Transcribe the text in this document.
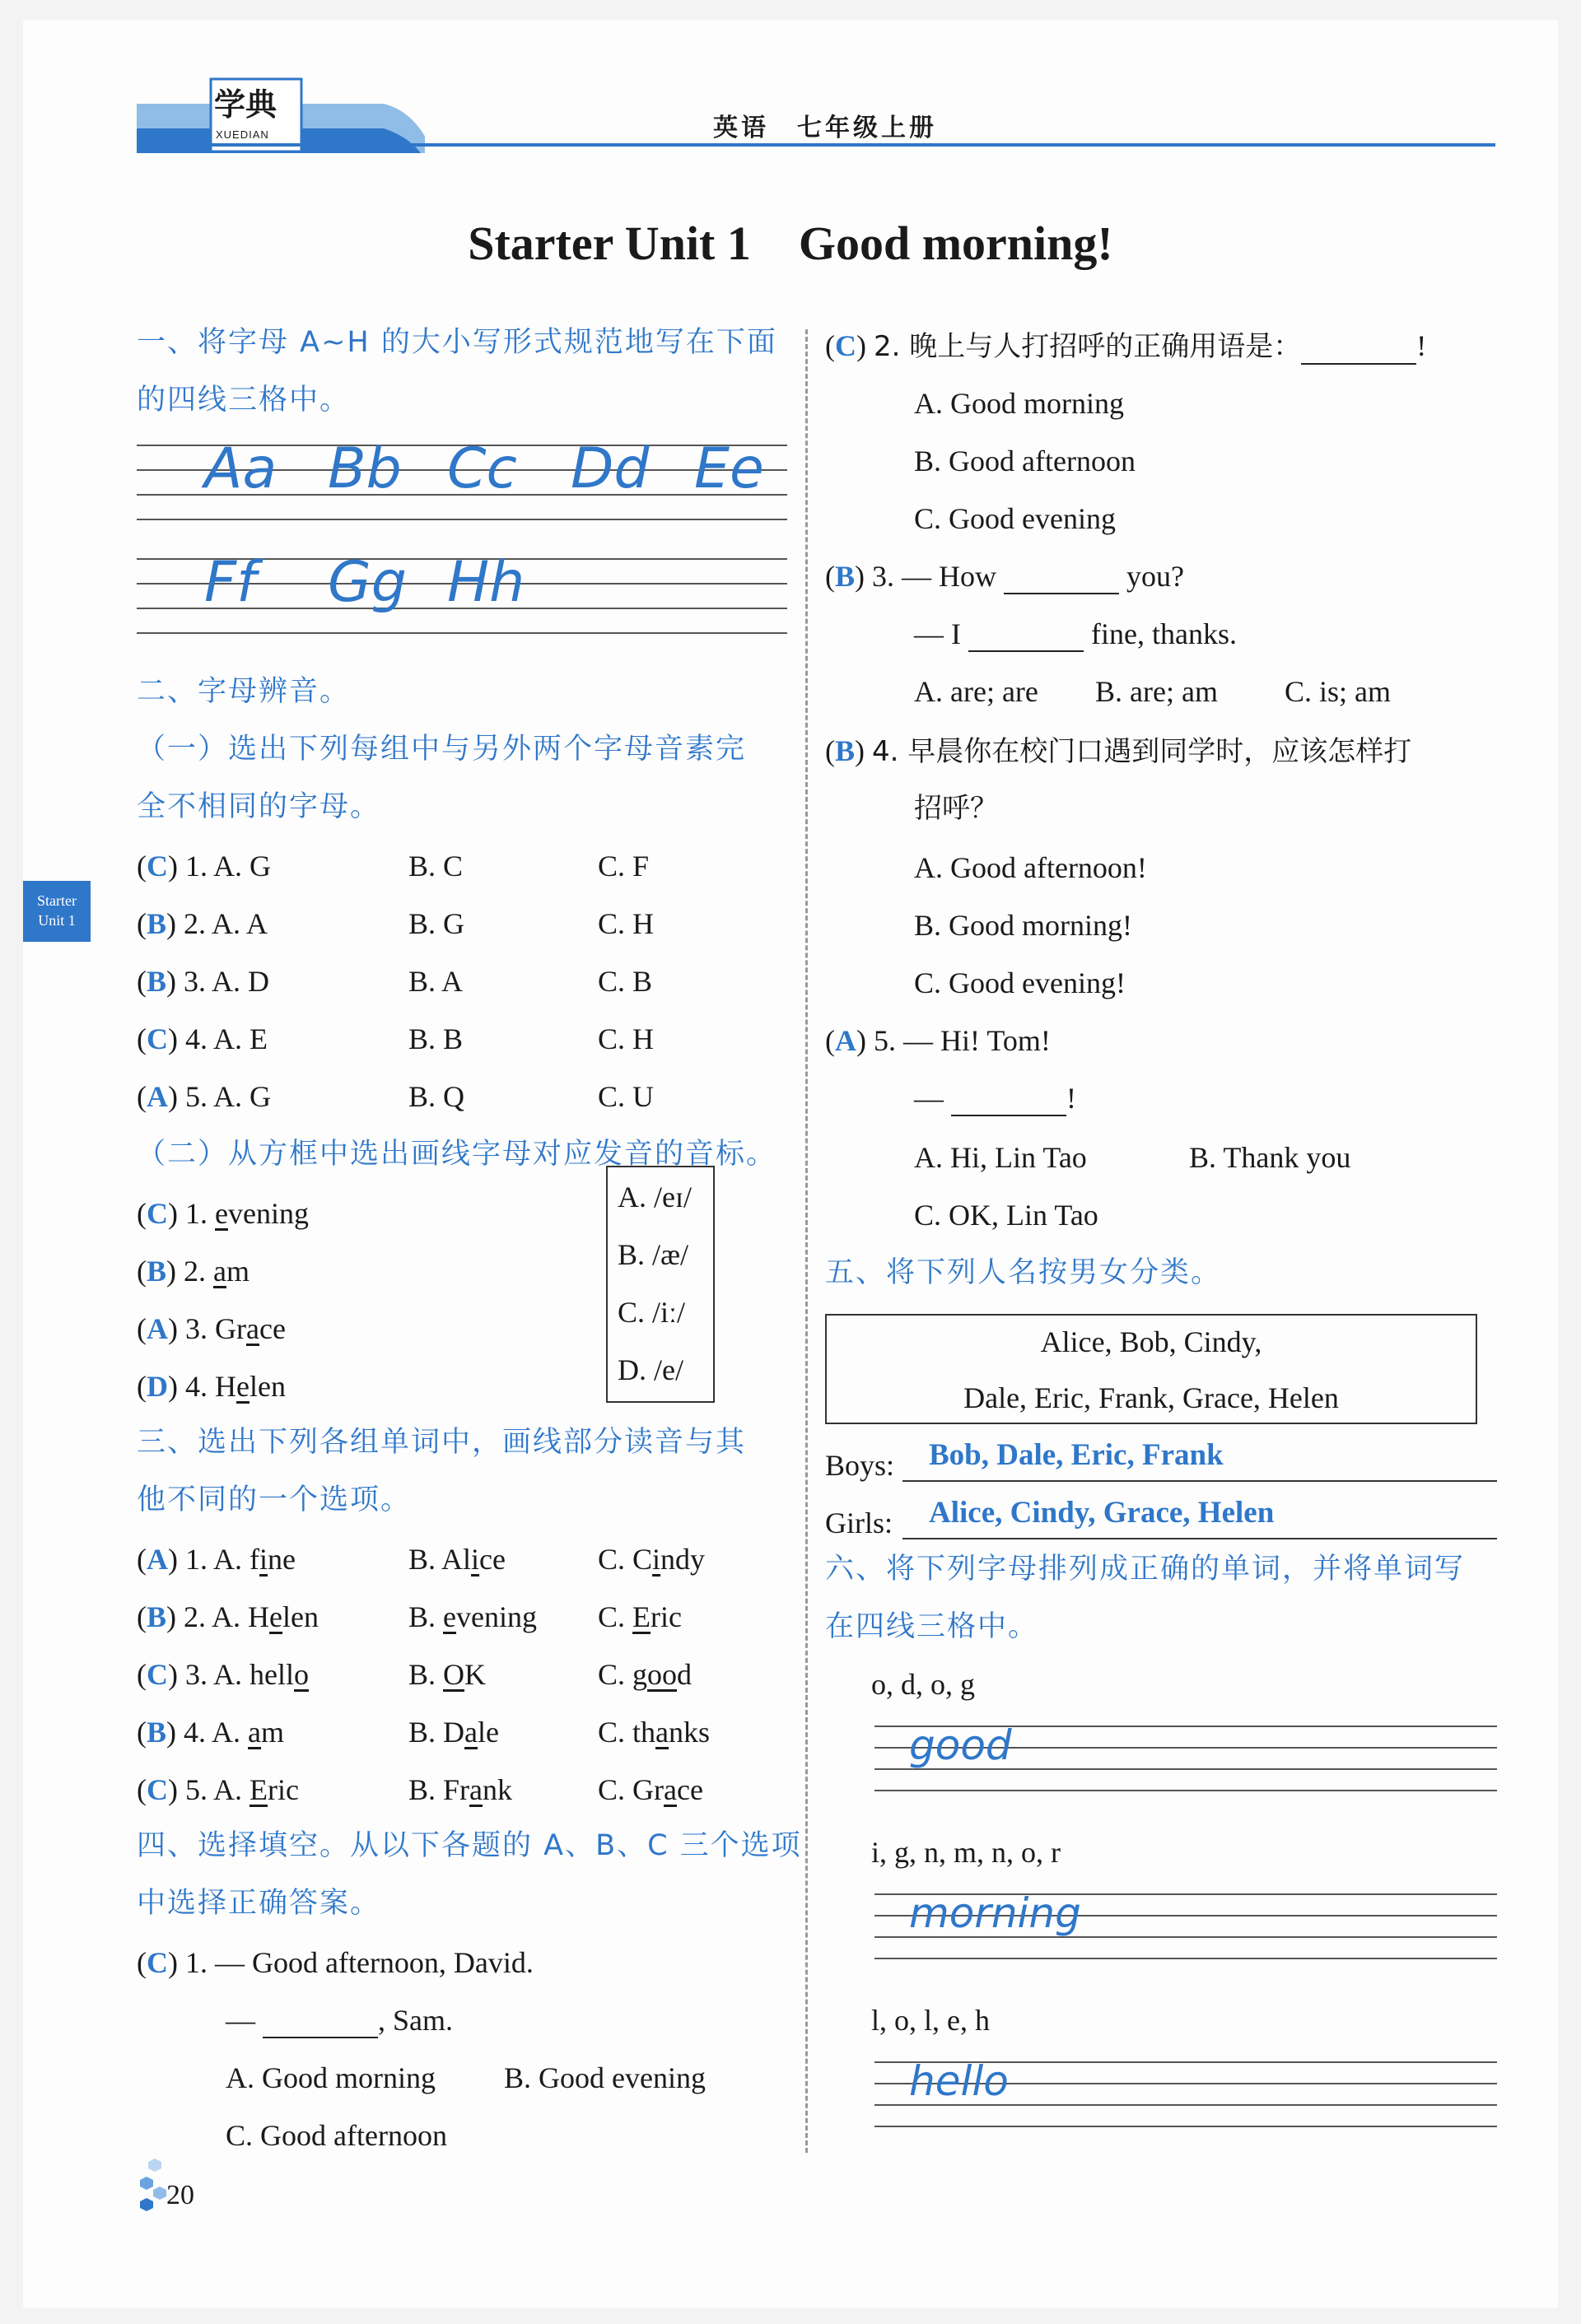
学典
XUEDIAN	英语　七年级上册
Starter
Unit 1
Starter Unit 1　Good morning!
一、将字母 A~H 的大小写形式规范地写在下面
的四线三格中。
Aa Bb Cc Dd Ee
Ff Gg Hh
二、字母辨音。
（一）选出下列每组中与另外两个字母音素完
全不相同的字母。
(C) 1. A. G	B. C	C. F
(B) 2. A. A	B. G	C. H
(B) 3. A. D	B. A	C. B
(C) 4. A. E	B. B	C. H
(A) 5. A. G	B. Q	C. U
（二）从方框中选出画线字母对应发音的音标。
(C) 1. evening
(B) 2. am
(A) 3. Grace
(D) 4. Helen
A. /eɪ/
B. /æ/
C. /iː/
D. /e/
三、选出下列各组单词中，画线部分读音与其
他不同的一个选项。
(A) 1. A. fine	B. Alice	C. Cindy
(B) 2. A. Helen	B. evening C. Eric
(C) 3. A. hello	B. OK	C. good
(B) 4. A. am	B. Dale	C. thanks
(C) 5. A. Eric	B. Frank	C. Grace
四、选择填空。从以下各题的 A、B、C 三个选项
中选择正确答案。
(C) 1. — Good afternoon, David.
—	, Sam.
A. Good morning B. Good evening
C. Good afternoon
20
(C) 2. 晚上与人打招呼的正确用语是：	!
A. Good morning
B. Good afternoon
C. Good evening
(B) 3. — How	you?
— I	fine, thanks.
A. are; are B. are; am C. is; am
(B) 4. 早晨你在校门口遇到同学时，应该怎样打
招呼？
A. Good afternoon!
B. Good morning!
C. Good evening!
(A) 5. — Hi! Tom!
—	!
A. Hi, Lin Tao	B. Thank you
C. OK, Lin Tao
五、将下列人名按男女分类。
Alice, Bob, Cindy,
Dale, Eric, Frank, Grace, Helen
Boys: Bob, Dale, Eric, Frank
Girls: Alice, Cindy, Grace, Helen
六、将下列字母排列成正确的单词，并将单词写
在四线三格中。
o, d, o, g
good
i, g, n, m, n, o, r
morning
l, o, l, e, h
hello
